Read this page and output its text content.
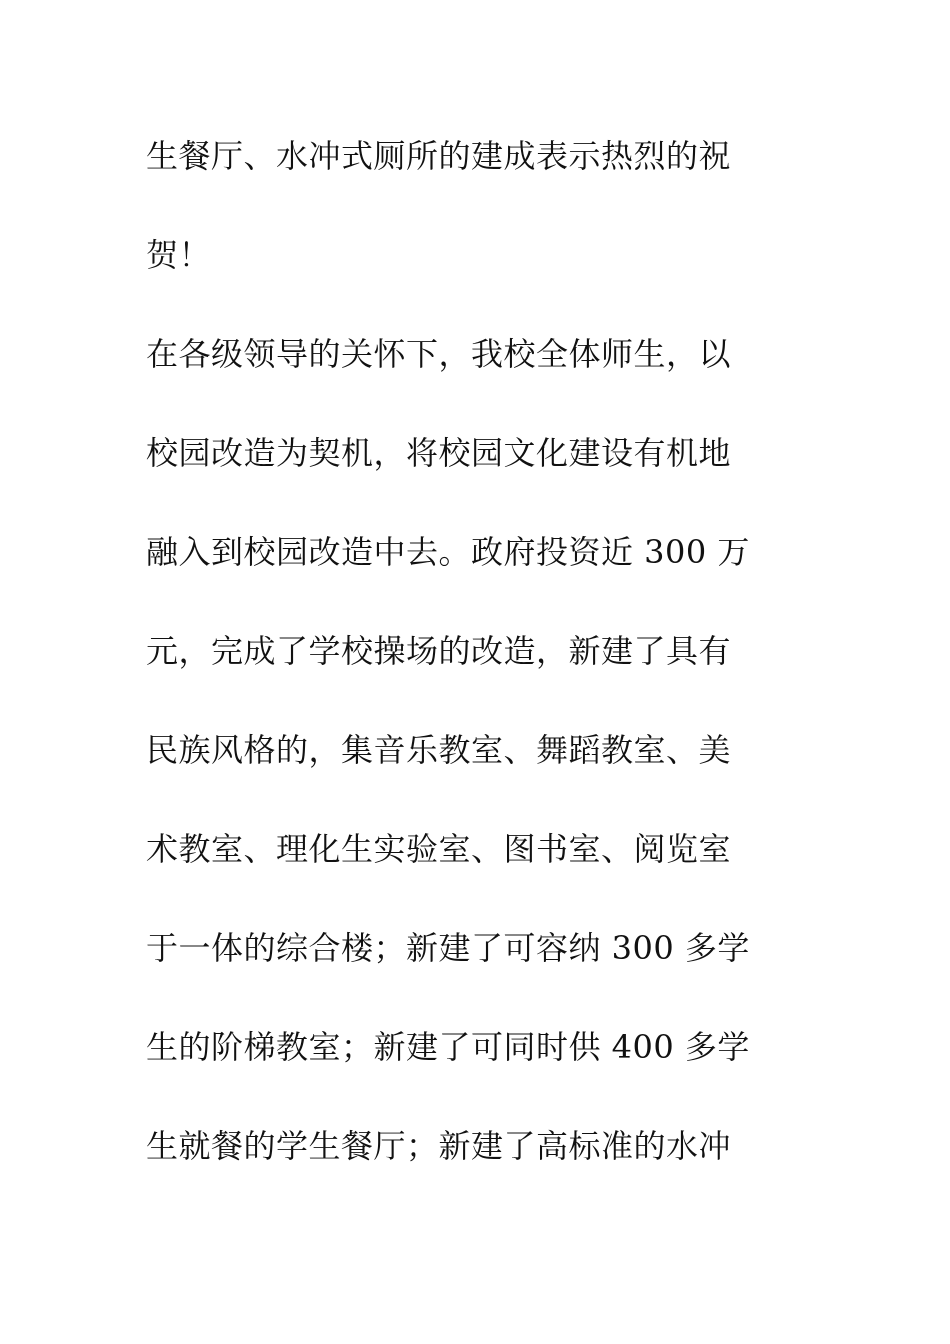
生餐厅、水冲式厕所的建成表示热烈的祝
贺！
在各级领导的关怀下，我校全体师生，以
校园改造为契机，将校园文化建设有机地
融入到校园改造中去。政府投资近 300 万
元，完成了学校操场的改造，新建了具有
民族风格的，集音乐教室、舞蹈教室、美
术教室、理化生实验室、图书室、阅览室
于一体的综合楼；新建了可容纳 300 多学
生的阶梯教室；新建了可同时供 400 多学
生就餐的学生餐厅；新建了高标准的水冲
